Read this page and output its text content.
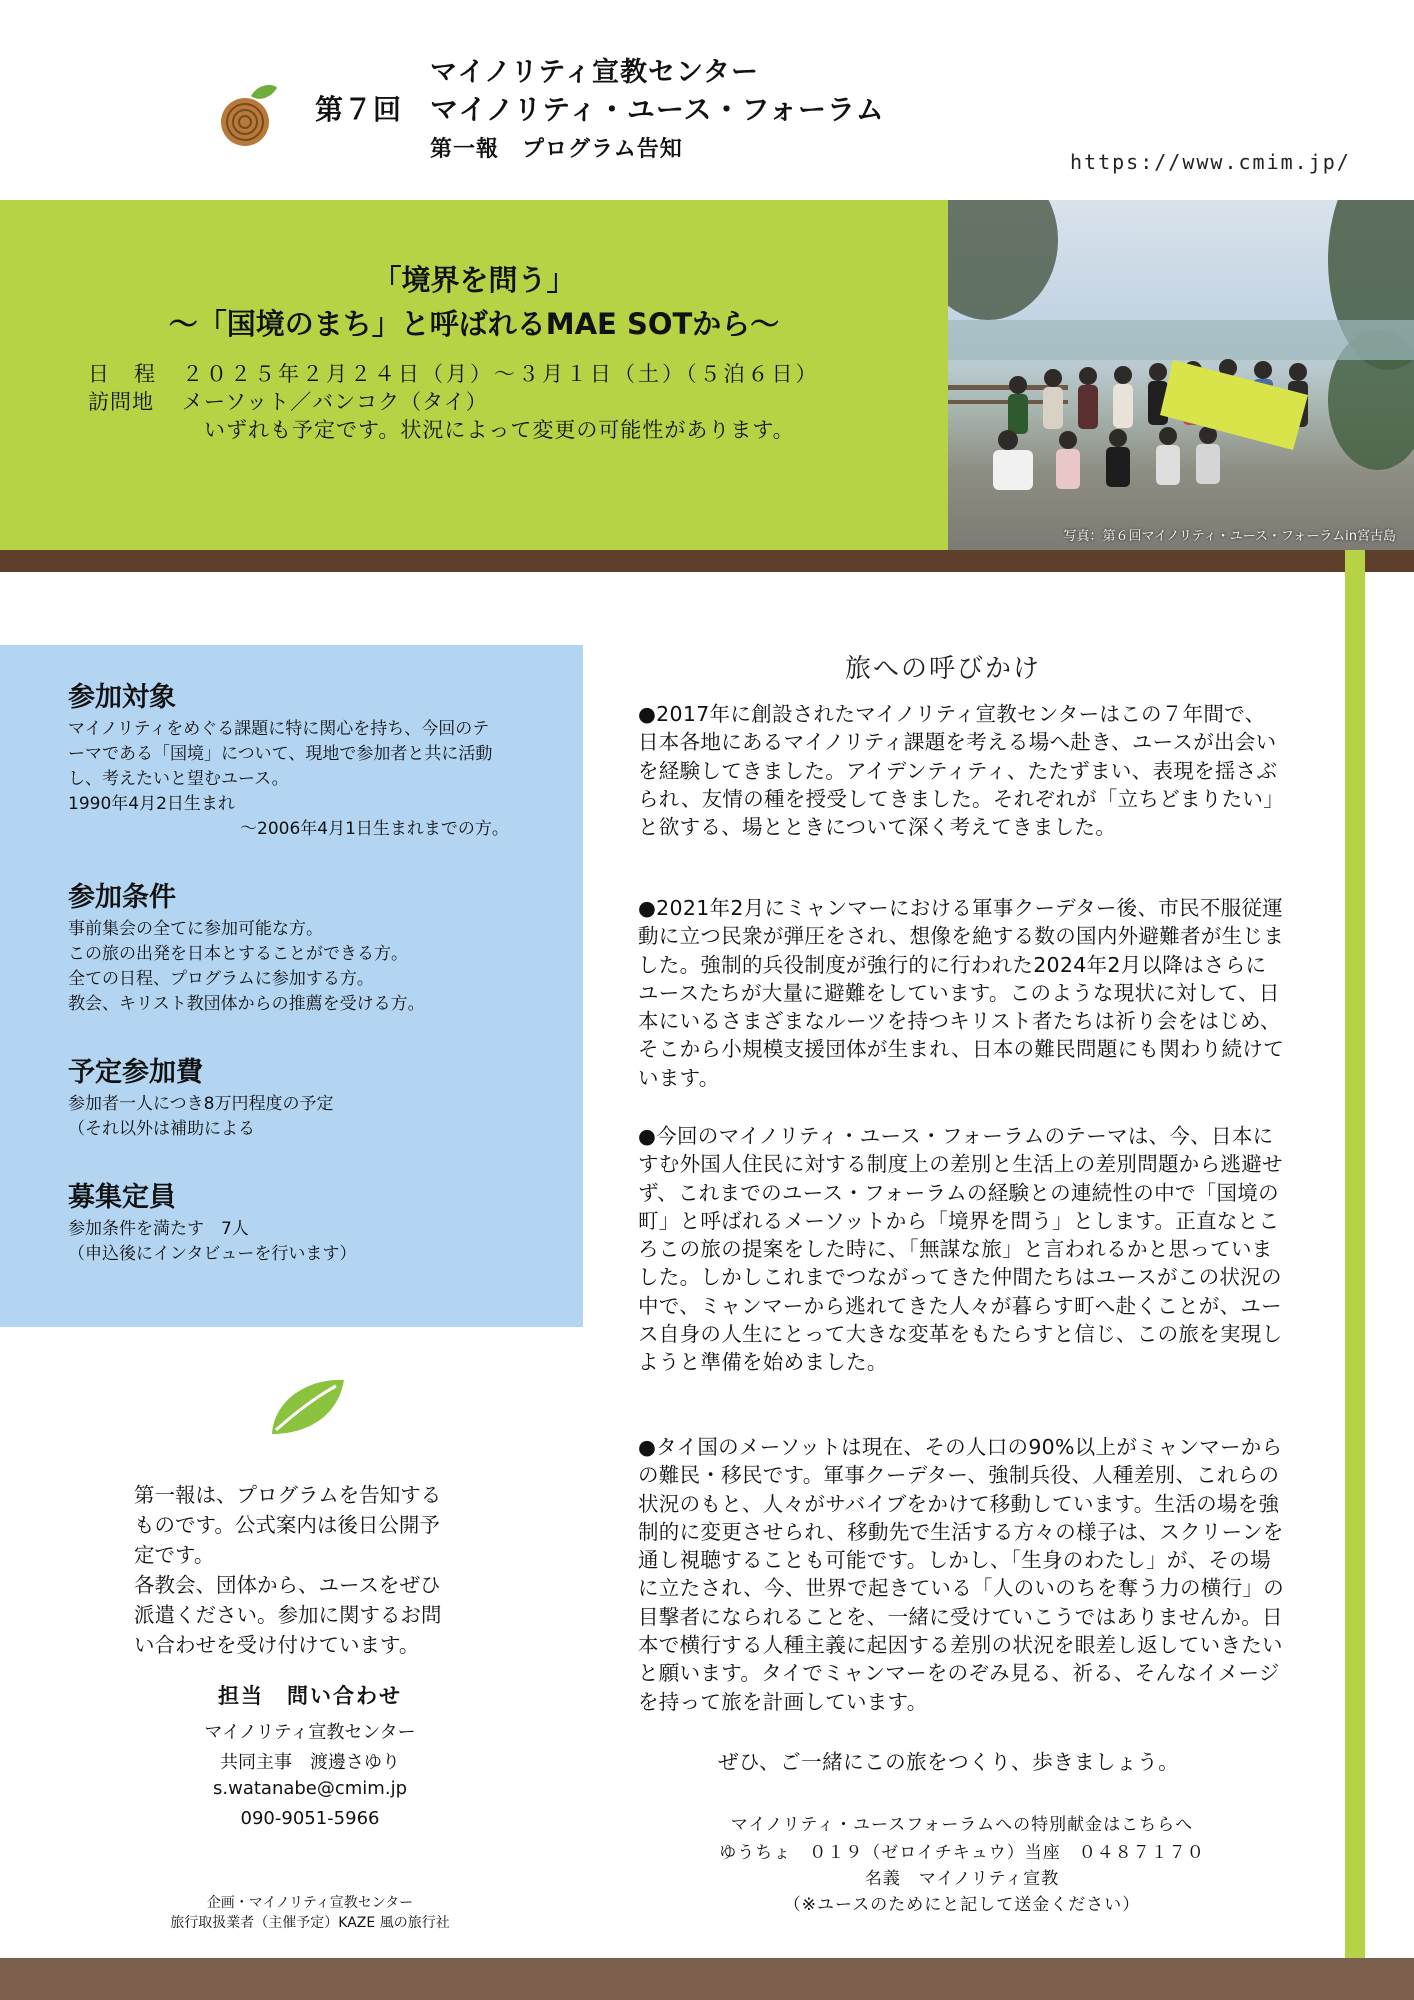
マイノリティ宣教センター
第７回 マイノリティ・ユース・フォーラム
第一報　プログラム告知	https://www.cmim.jp/
「境界を問う」
～「国境のまち」と呼ばれるMAE SOTから～
日　程 ２０２５年２月２４日（月）～３月１日（土）（５泊６日）
訪問地 メーソット／バンコク（タイ）
いずれも予定です。状況によって変更の可能性があります。
写真：第６回マイノリティ・ユース・フォーラムin宮古島
参加対象
マイノリティをめぐる課題に特に関心を持ち、今回のテ
ーマである「国境」について、現地で参加者と共に活動
し、考えたいと望むユース。
1990年4月2日生まれ
～2006年4月1日生まれまでの方。
参加条件
事前集会の全てに参加可能な方。
この旅の出発を日本とすることができる方。
全ての日程、プログラムに参加する方。
教会、キリスト教団体からの推薦を受ける方。
予定参加費
参加者一人につき8万円程度の予定
（それ以外は補助による
募集定員
参加条件を満たす　7人
（申込後にインタビューを行います）
第一報は、プログラムを告知する
ものです。公式案内は後日公開予
定です。
各教会、団体から、ユースをぜひ
派遣ください。参加に関するお問
い合わせを受け付けています。
担当　問い合わせ
マイノリティ宣教センター
共同主事　渡邊さゆり
s.watanabe@cmim.jp
090-9051-5966
企画・マイノリティ宣教センター
旅行取扱業者（主催予定）KAZE 風の旅行社
旅への呼びかけ
●2017年に創設されたマイノリティ宣教センターはこの７年間で、日本各地にあるマイノリティ課題を考える場へ赴き、ユースが出会いを経験してきました。アイデンティティ、たたずまい、表現を揺さぶられ、友情の種を授受してきました。それぞれが「立ちどまりたい」と欲する、場とときについて深く考えてきました。
●2021年2月にミャンマーにおける軍事クーデター後、市民不服従運動に立つ民衆が弾圧をされ、想像を絶する数の国内外避難者が生じました。強制的兵役制度が強行的に行われた2024年2月以降はさらにユースたちが大量に避難をしています。このような現状に対して、日本にいるさまざまなルーツを持つキリスト者たちは祈り会をはじめ、そこから小規模支援団体が生まれ、日本の難民問題にも関わり続けています。
●今回のマイノリティ・ユース・フォーラムのテーマは、今、日本にすむ外国人住民に対する制度上の差別と生活上の差別問題から逃避せず、これまでのユース・フォーラムの経験との連続性の中で「国境の町」と呼ばれるメーソットから「境界を問う」とします。正直なところこの旅の提案をした時に、「無謀な旅」と言われるかと思っていました。しかしこれまでつながってきた仲間たちはユースがこの状況の中で、ミャンマーから逃れてきた人々が暮らす町へ赴くことが、ユース自身の人生にとって大きな変革をもたらすと信じ、この旅を実現しようと準備を始めました。
●タイ国のメーソットは現在、その人口の90%以上がミャンマーからの難民・移民です。軍事クーデター、強制兵役、人種差別、これらの状況のもと、人々がサバイブをかけて移動しています。生活の場を強制的に変更させられ、移動先で生活する方々の様子は、スクリーンを通し視聴することも可能です。しかし、「生身のわたし」が、その場に立たされ、今、世界で起きている「人のいのちを奪う力の横行」の目撃者になられることを、一緒に受けていこうではありませんか。日本で横行する人種主義に起因する差別の状況を眼差し返していきたいと願います。タイでミャンマーをのぞみ見る、祈る、そんなイメージを持って旅を計画しています。
ぜひ、ご一緒にこの旅をつくり、歩きましょう。
マイノリティ・ユースフォーラムへの特別献金はこちらへ
ゆうちょ　０１９（ゼロイチキュウ）当座　０４８７１７０
名義　マイノリティ宣教
（※ユースのためにと記して送金ください）
